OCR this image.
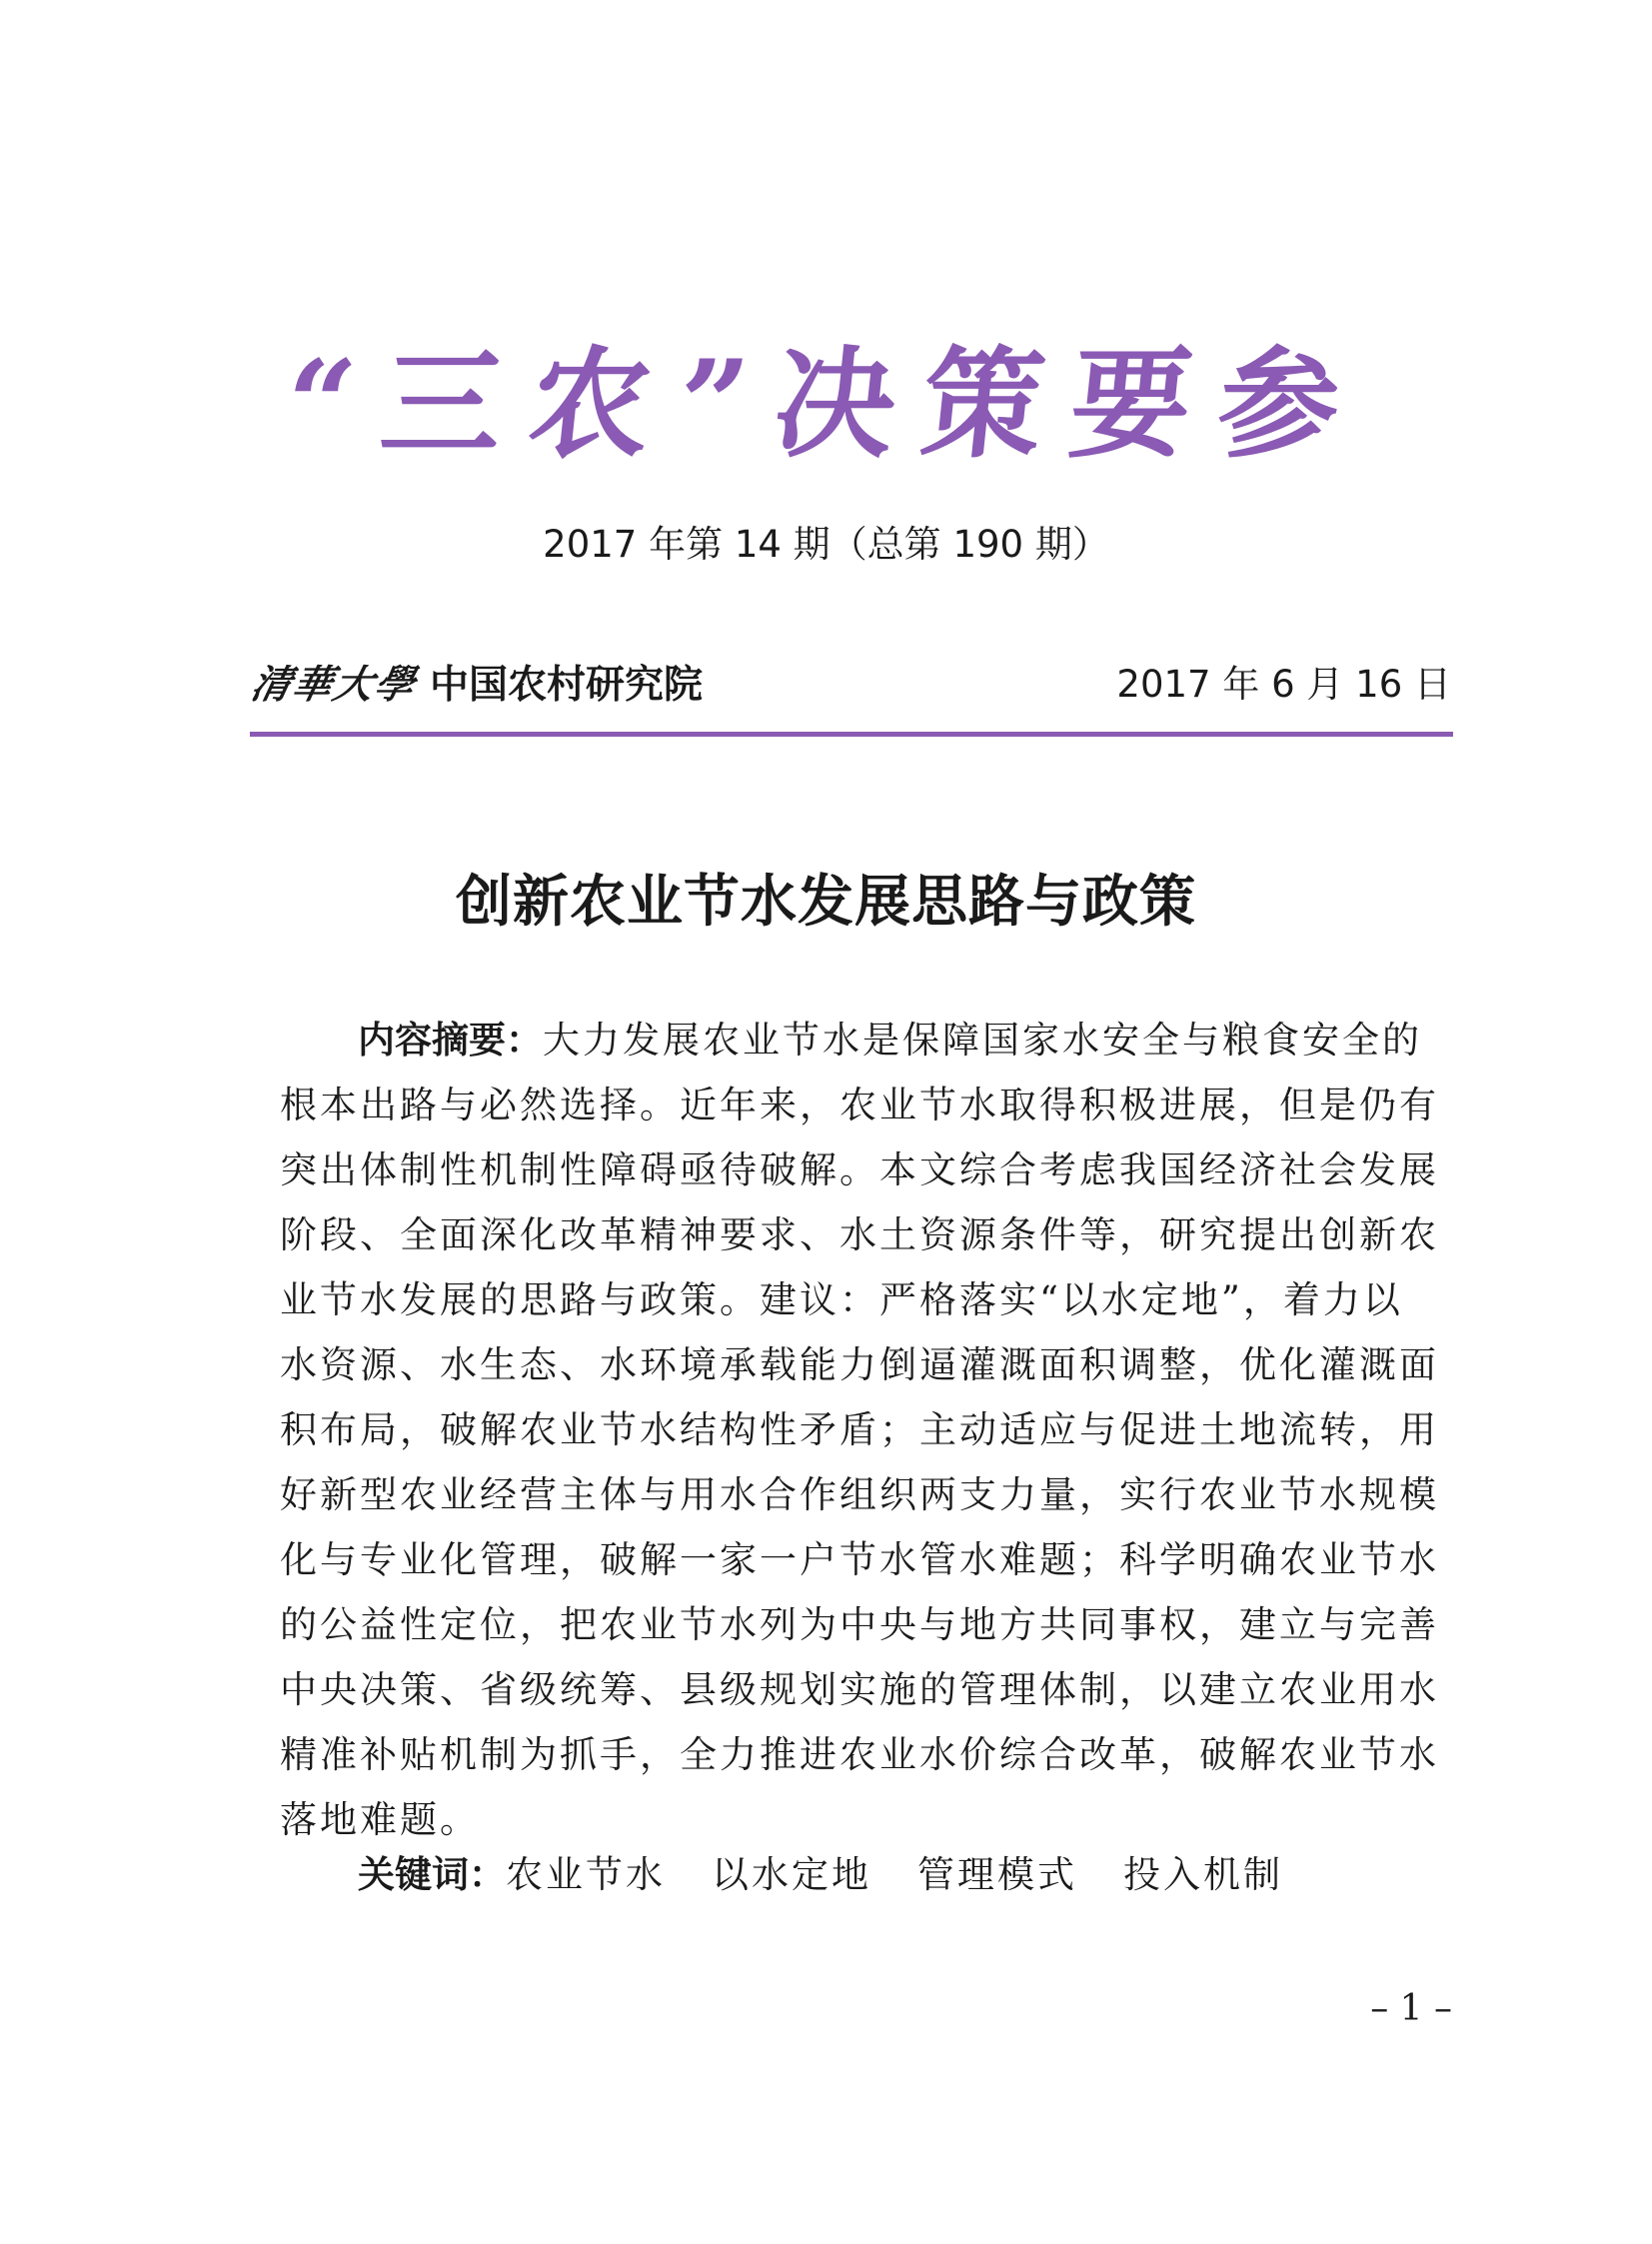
“三农”决策要参
2017 年第 14 期（总第 190 期）
清華大學 中国农村研究院	2017 年 6 月 16 日
创新农业节水发展思路与政策
内容摘要：大力发展农业节水是保障国家水安全与粮食安全的
根本出路与必然选择。近年来，农业节水取得积极进展，但是仍有
突出体制性机制性障碍亟待破解。本文综合考虑我国经济社会发展
阶段、全面深化改革精神要求、水土资源条件等，研究提出创新农
业节水发展的思路与政策。建议：严格落实“以水定地”，着力以
水资源、水生态、水环境承载能力倒逼灌溉面积调整，优化灌溉面
积布局，破解农业节水结构性矛盾；主动适应与促进土地流转，用
好新型农业经营主体与用水合作组织两支力量，实行农业节水规模
化与专业化管理，破解一家一户节水管水难题；科学明确农业节水
的公益性定位，把农业节水列为中央与地方共同事权，建立与完善
中央决策、省级统筹、县级规划实施的管理体制，以建立农业用水
精准补贴机制为抓手，全力推进农业水价综合改革，破解农业节水
落地难题。
关键词：农业节水 以水定地 管理模式 投入机制
– 1 –
